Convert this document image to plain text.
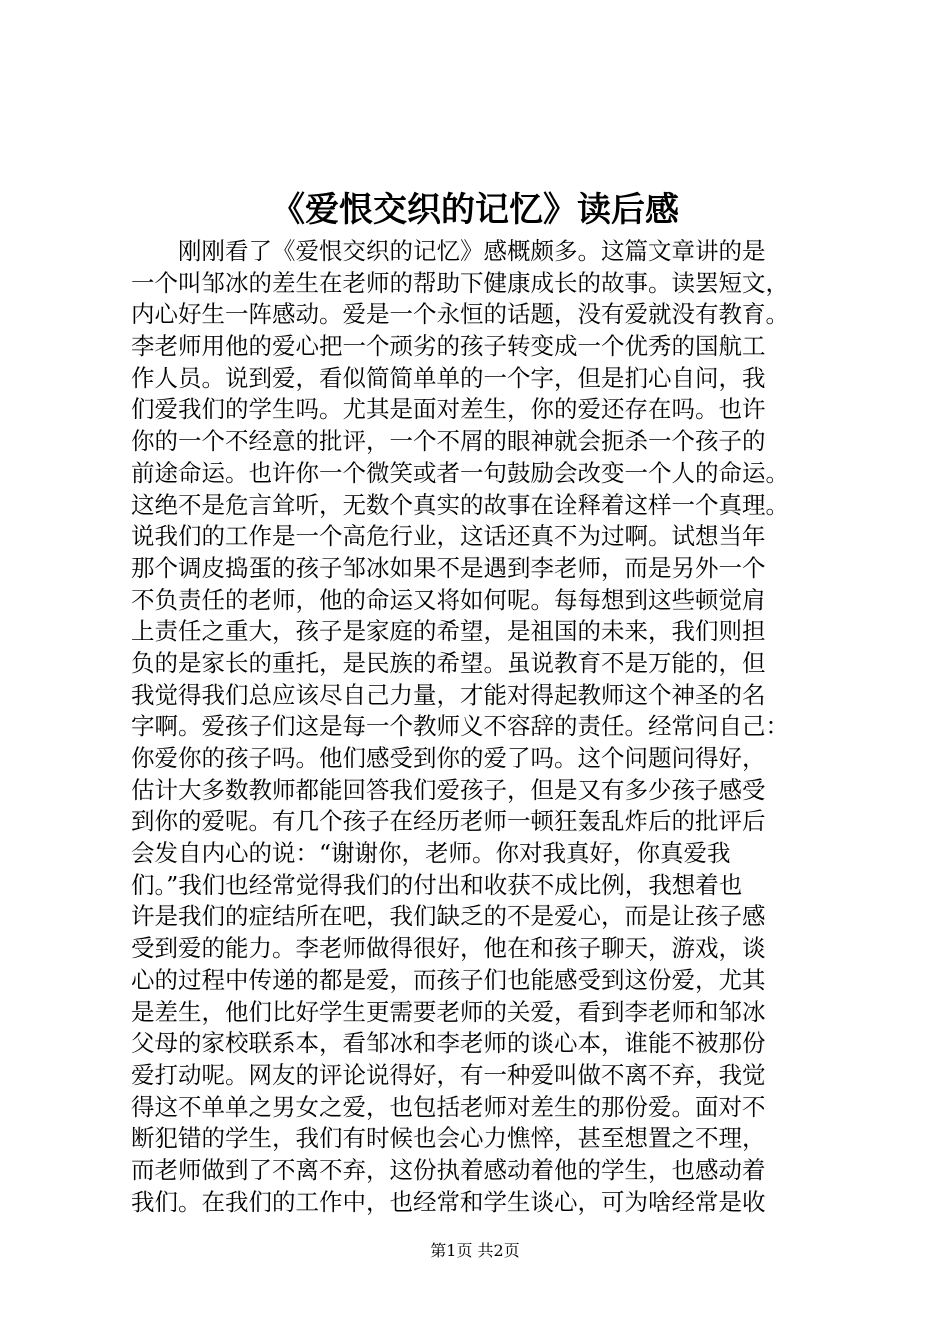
《爱恨交织的记忆》读后感
刚刚看了《爱恨交织的记忆》感概颇多。这篇文章讲的是
一个叫邹冰的差生在老师的帮助下健康成长的故事。读罢短文，
内心好生一阵感动。爱是一个永恒的话题，没有爱就没有教育。
李老师用他的爱心把一个顽劣的孩子转变成一个优秀的国航工
作人员。说到爱，看似简简单单的一个字，但是扪心自问，我
们爱我们的学生吗。尤其是面对差生，你的爱还存在吗。也许
你的一个不经意的批评，一个不屑的眼神就会扼杀一个孩子的
前途命运。也许你一个微笑或者一句鼓励会改变一个人的命运。
这绝不是危言耸听，无数个真实的故事在诠释着这样一个真理。
说我们的工作是一个高危行业，这话还真不为过啊。试想当年
那个调皮捣蛋的孩子邹冰如果不是遇到李老师，而是另外一个
不负责任的老师，他的命运又将如何呢。每每想到这些顿觉肩
上责任之重大，孩子是家庭的希望，是祖国的未来，我们则担
负的是家长的重托，是民族的希望。虽说教育不是万能的，但
我觉得我们总应该尽自己力量，才能对得起教师这个神圣的名
字啊。爱孩子们这是每一个教师义不容辞的责任。经常问自己：
你爱你的孩子吗。他们感受到你的爱了吗。这个问题问得好，
估计大多数教师都能回答我们爱孩子，但是又有多少孩子感受
到你的爱呢。有几个孩子在经历老师一顿狂轰乱炸后的批评后
会发自内心的说：“谢谢你，老师。你对我真好，你真爱我
们。”我们也经常觉得我们的付出和收获不成比例，我想着也
许是我们的症结所在吧，我们缺乏的不是爱心，而是让孩子感
受到爱的能力。李老师做得很好，他在和孩子聊天，游戏，谈
心的过程中传递的都是爱，而孩子们也能感受到这份爱，尤其
是差生，他们比好学生更需要老师的关爱，看到李老师和邹冰
父母的家校联系本，看邹冰和李老师的谈心本，谁能不被那份
爱打动呢。网友的评论说得好，有一种爱叫做不离不弃，我觉
得这不单单之男女之爱，也包括老师对差生的那份爱。面对不
断犯错的学生，我们有时候也会心力憔悴，甚至想置之不理，
而老师做到了不离不弃，这份执着感动着他的学生，也感动着
我们。在我们的工作中，也经常和学生谈心，可为啥经常是收
第1页 共2页
